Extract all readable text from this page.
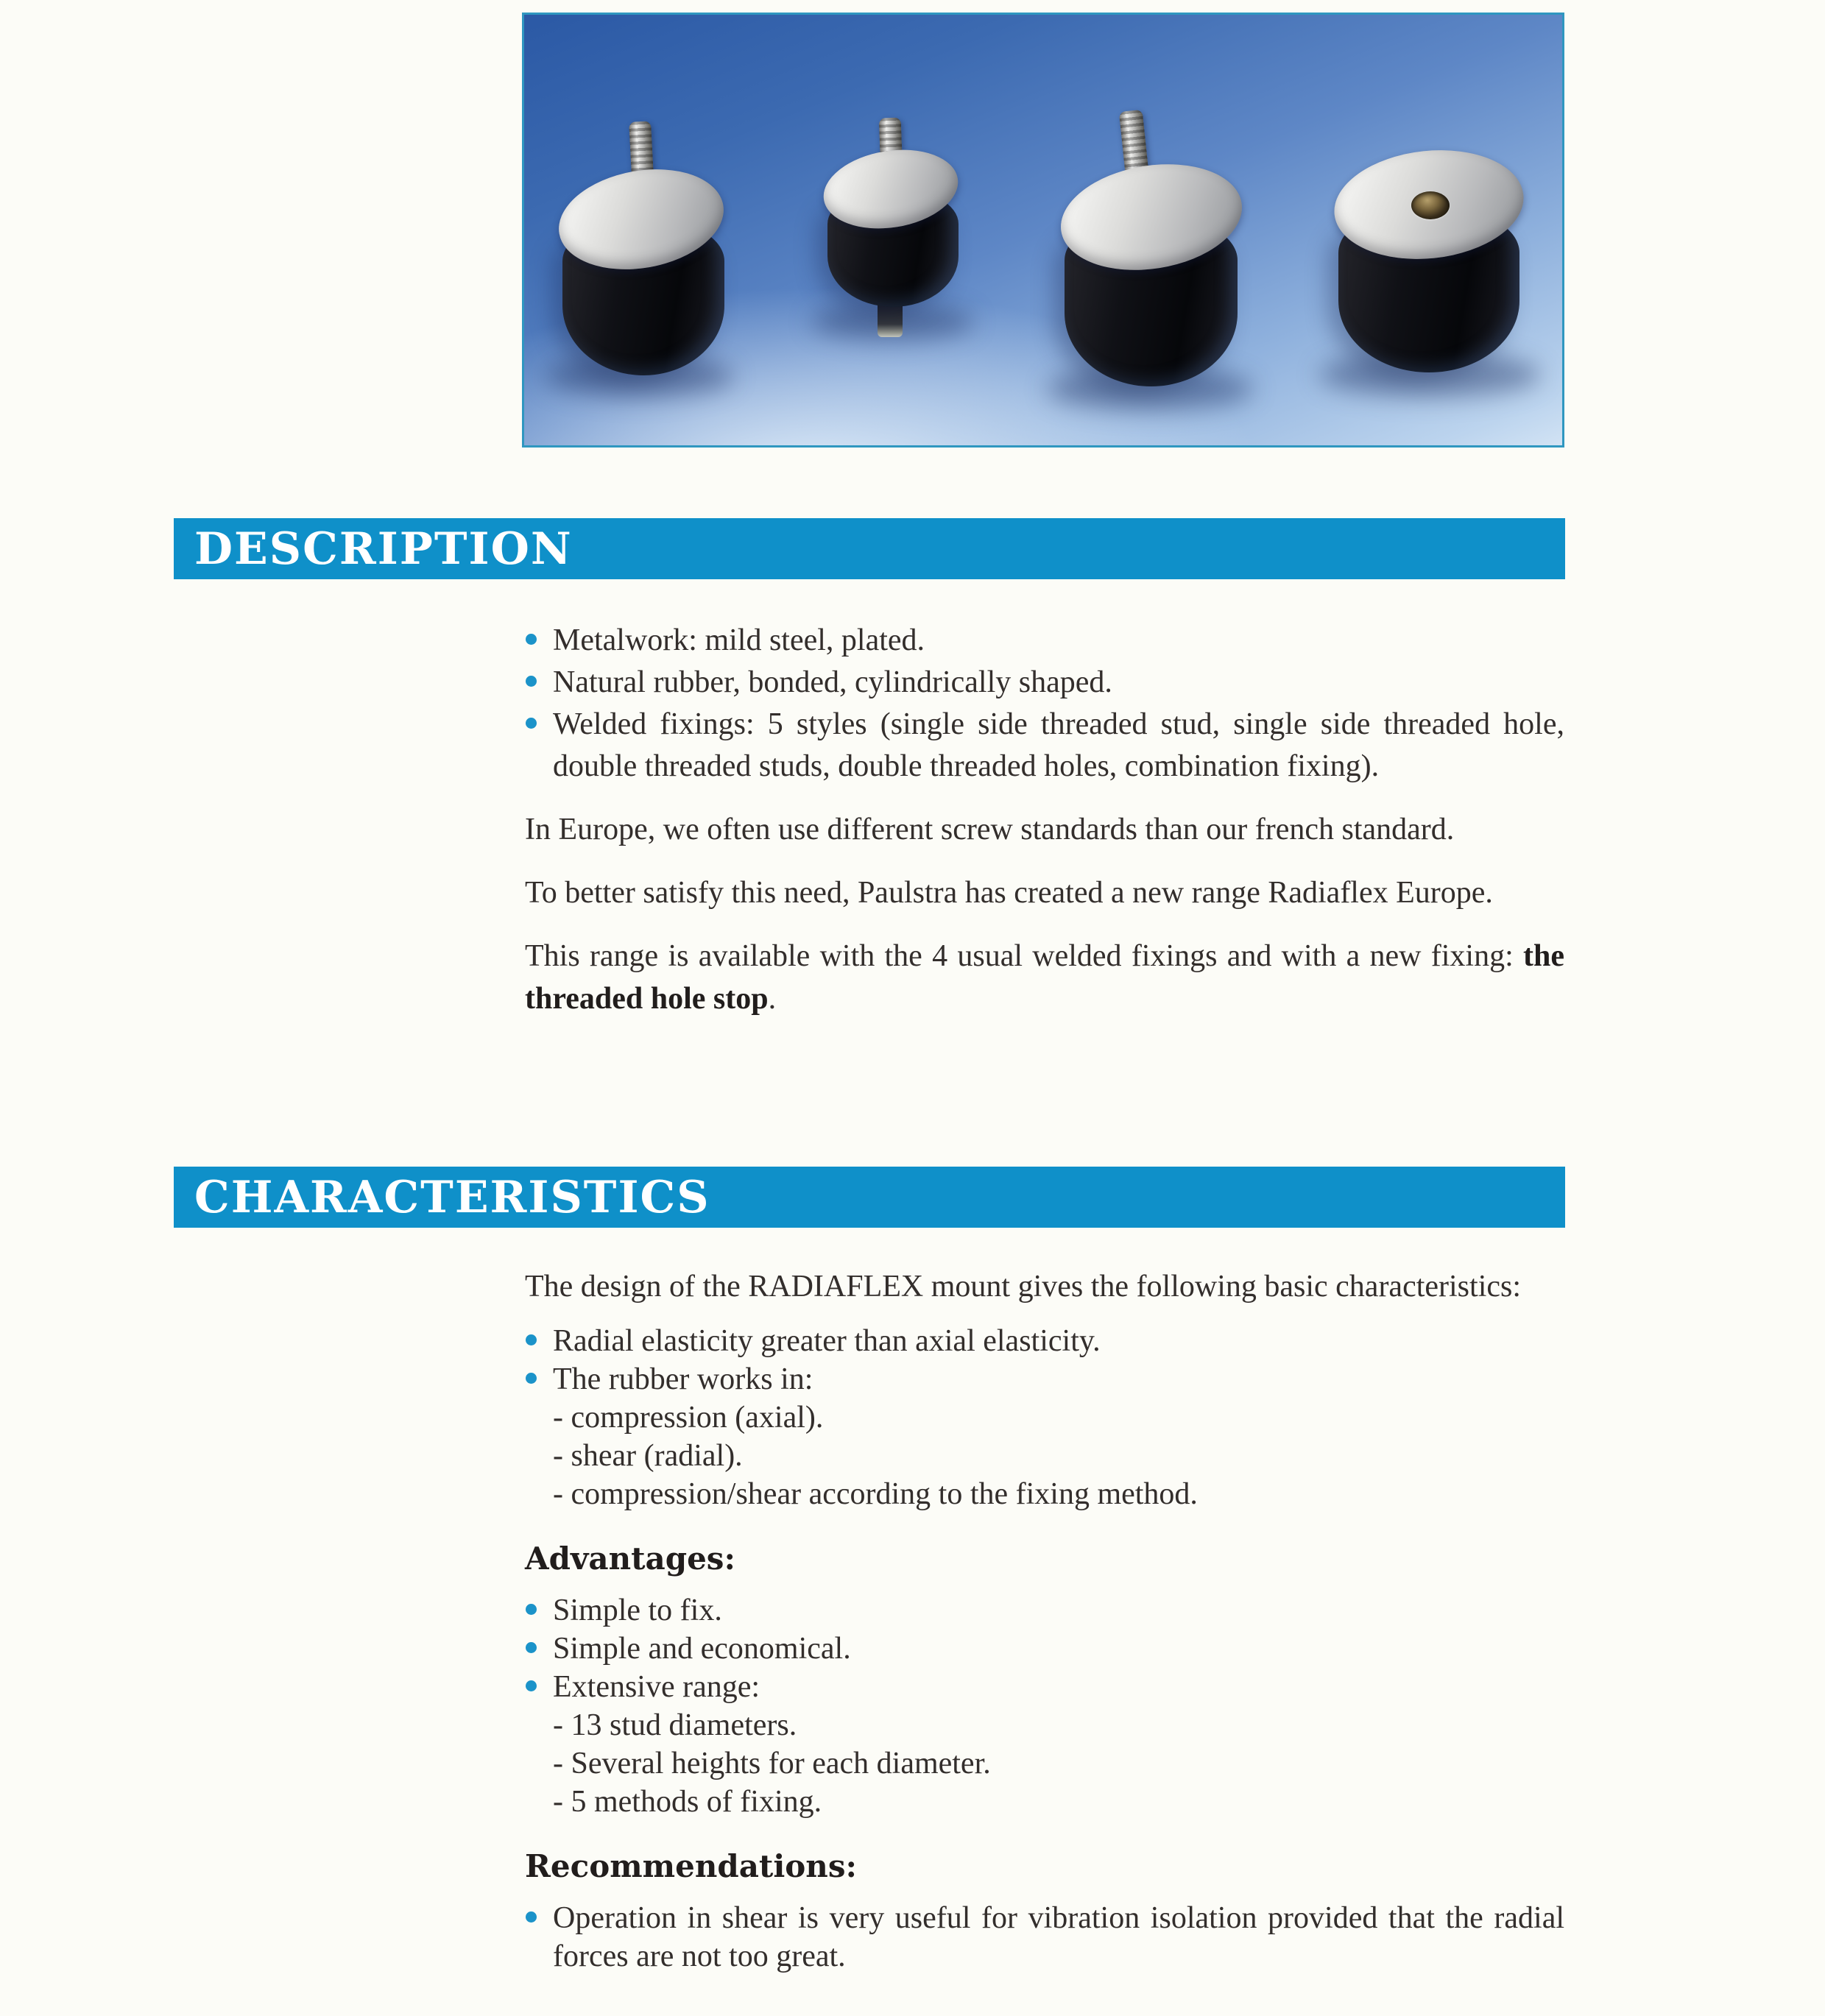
DESCRIPTION
Metalwork: mild steel, plated.
Natural rubber, bonded, cylindrically shaped.
Welded fixings: 5 styles (single side threaded stud, single side threaded hole, double threaded studs, double threaded holes, combination fixing).

In Europe, we often use different screw standards than our french standard.

To better satisfy this need, Paulstra has created a new range Radiaflex Europe.

This range is available with the 4 usual welded fixings and with a new fixing: the threaded hole stop.

CHARACTERISTICS

The design of the RADIAFLEX mount gives the following basic characteristics:

Radial elasticity greater than axial elasticity.
The rubber works in:
- compression (axial).
- shear (radial).
- compression/shear according to the fixing method.
Advantages:
Simple to fix.
Simple and economical.
Extensive range:
- 13 stud diameters.
- Several heights for each diameter.
- 5 methods of fixing.
Recommendations:
Operation in shear is very useful for vibration isolation provided that the radial forces are not too great.
